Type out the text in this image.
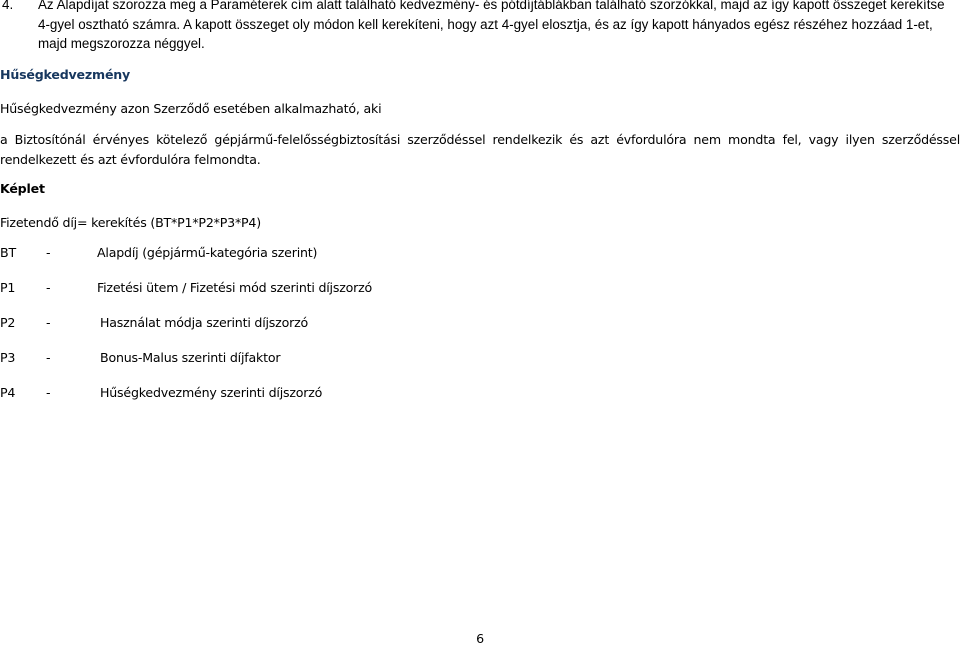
4. Az Alapdíjat szorozza meg a Paraméterek cím alatt található kedvezmény- és pótdíjtáblákban található szorzókkal, majd az így kapott összeget kerekítse
4-gyel osztható számra. A kapott összeget oly módon kell kerekíteni, hogy azt 4-gyel elosztja, és az így kapott hányados egész részéhez hozzáad 1-et,
majd megszorozza néggyel.
Hűségkedvezmény
Hűségkedvezmény azon Szerződő esetében alkalmazható, aki
a Biztosítónál érvényes kötelező gépjármű-felelősségbiztosítási szerződéssel rendelkezik és azt évfordulóra nem mondta fel, vagy ilyen szerződéssel rendelkezett és azt évfordulóra felmondta.
Képlet
Fizetendő díj= kerekítés (BT*P1*P2*P3*P4)
BT -	Alapdíj (gépjármű-kategória szerint)
P1 -	Fizetési ütem / Fizetési mód szerinti díjszorzó
P2 -	Használat módja szerinti díjszorzó
P3 -	Bonus-Malus szerinti díjfaktor
P4 -	Hűségkedvezmény szerinti díjszorzó
6
